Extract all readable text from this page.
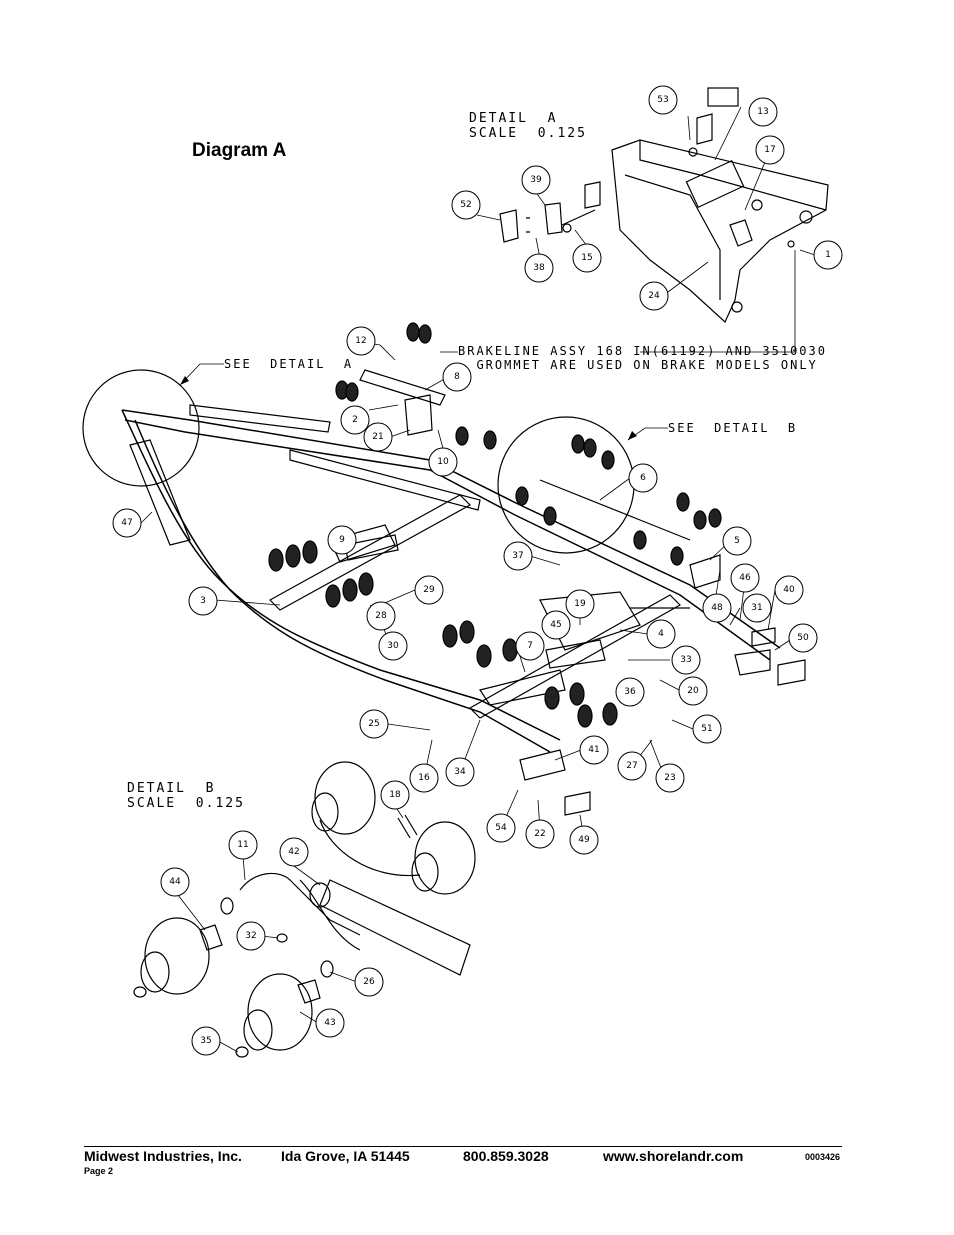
Diagram A
DETAIL  A
SCALE  0.125
DETAIL  B
SCALE  0.125
SEE  DETAIL  A
SEE  DETAIL  B
BRAKELINE ASSY 168 IN(61192) AND 3510030
GROMMET ARE USED ON BRAKE MODELS ONLY
53
13
17
1
39
52
38
15
24
12
8
2
21
10
6
5
47
9
37
46
40
3
29
28
30
19
45
48	31
50
4
7
33
36	20
51
25
16
34
41
27
23
54
22
49
18
11
42
44
32
26
43
35
Midwest Industries, Inc.	Ida Grove, IA 51445	800.859.3028	www.shorelandr.com	0003426
Page 2
